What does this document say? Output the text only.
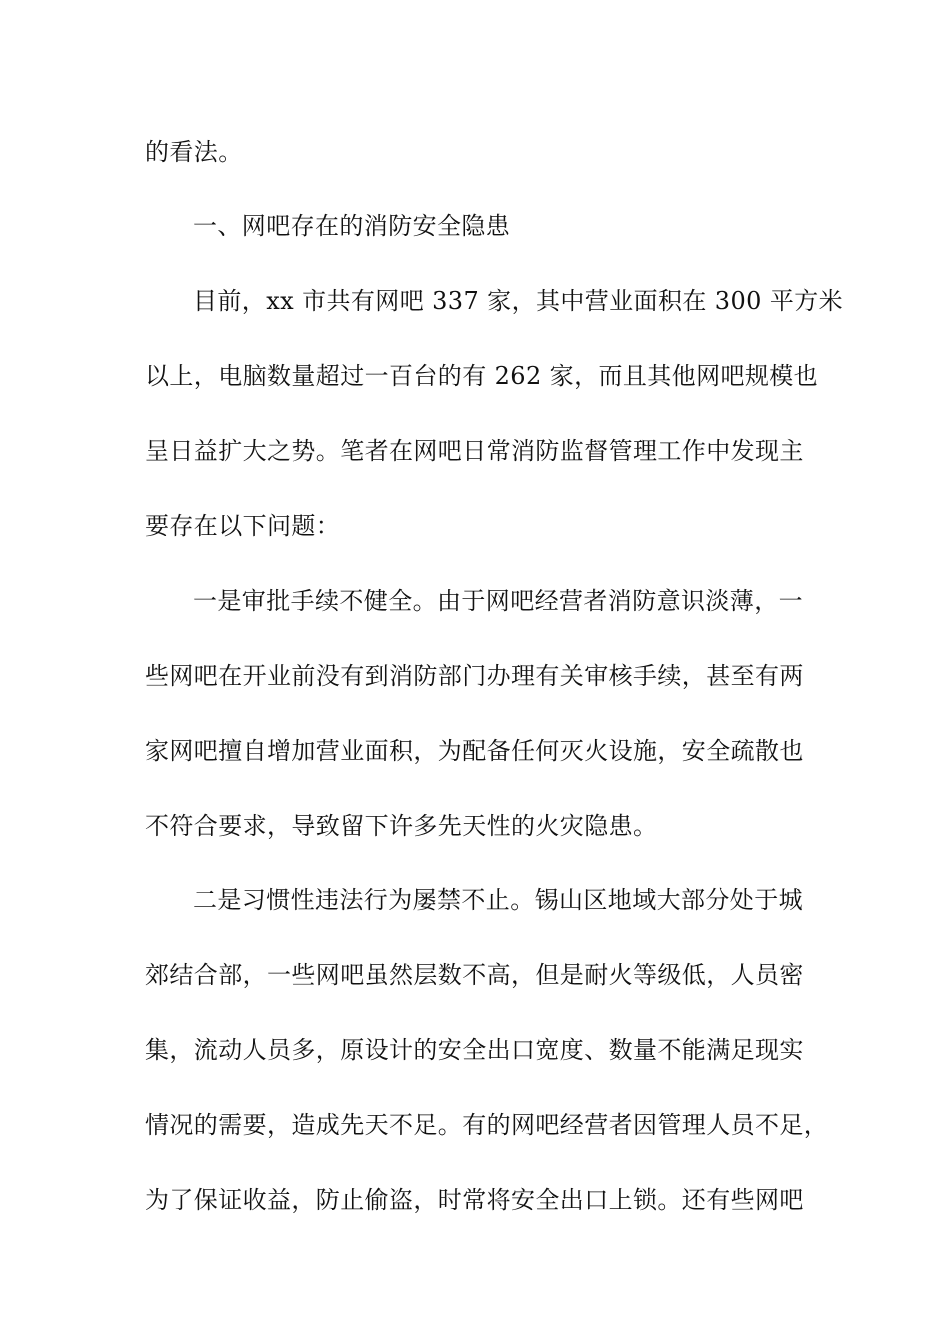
的看法。
一、网吧存在的消防安全隐患
目前，xx 市共有网吧 337 家，其中营业面积在 300 平方米
以上，电脑数量超过一百台的有 262 家，而且其他网吧规模也
呈日益扩大之势。笔者在网吧日常消防监督管理工作中发现主
要存在以下问题：
一是审批手续不健全。由于网吧经营者消防意识淡薄，一
些网吧在开业前没有到消防部门办理有关审核手续，甚至有两
家网吧擅自增加营业面积，为配备任何灭火设施，安全疏散也
不符合要求，导致留下许多先天性的火灾隐患。
二是习惯性违法行为屡禁不止。锡山区地域大部分处于城
郊结合部，一些网吧虽然层数不高，但是耐火等级低，人员密
集，流动人员多，原设计的安全出口宽度、数量不能满足现实
情况的需要，造成先天不足。有的网吧经营者因管理人员不足，
为了保证收益，防止偷盗，时常将安全出口上锁。还有些网吧
